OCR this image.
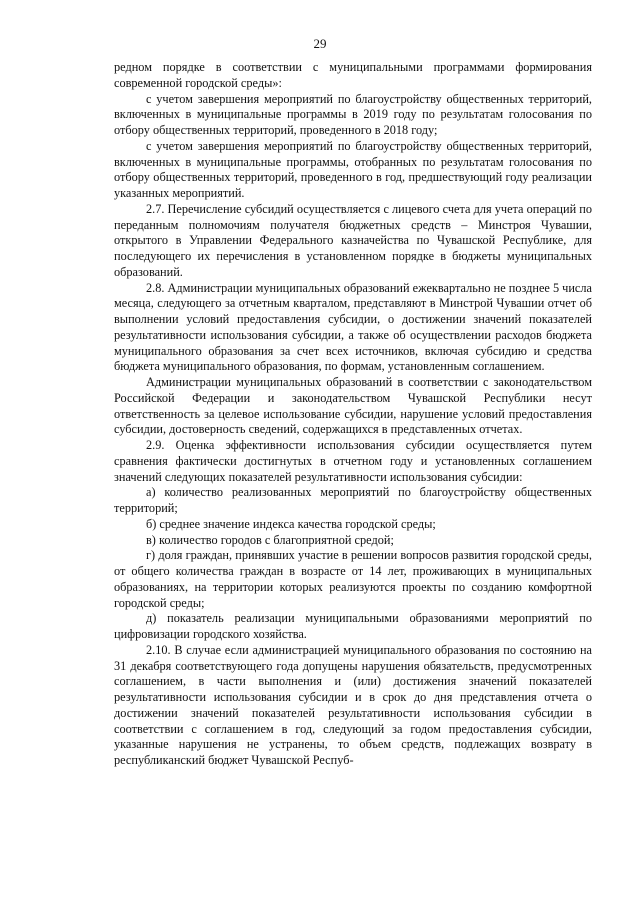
29

редном порядке в соответствии с муниципальными программами формирования современной городской среды»:

с учетом завершения мероприятий по благоустройству общественных территорий, включенных в муниципальные программы в 2019 году по результатам голосования по отбору общественных территорий, проведенного в 2018 году;

с учетом завершения мероприятий по благоустройству общественных территорий, включенных в муниципальные программы, отобранных по результатам голосования по отбору общественных территорий, проведенного в год, предшествующий году реализации указанных мероприятий.

2.7. Перечисление субсидий осуществляется с лицевого счета для учета операций по переданным полномочиям получателя бюджетных средств – Минстроя Чувашии, открытого в Управлении Федерального казначейства по Чувашской Республике, для последующего их перечисления в установленном порядке в бюджеты муниципальных образований.

2.8. Администрации муниципальных образований ежеквартально не позднее 5 числа месяца, следующего за отчетным кварталом, представляют в Минстрой Чувашии отчет об выполнении условий предоставления субсидии, о достижении значений показателей результативности использования субсидии, а также об осуществлении расходов бюджета муниципального образования за счет всех источников, включая субсидию и средства бюджета муниципального образования, по формам, установленным соглашением.

Администрации муниципальных образований в соответствии с законодательством Российской Федерации и законодательством Чувашской Республики несут ответственность за целевое использование субсидии, нарушение условий предоставления субсидии, достоверность сведений, содержащихся в представленных отчетах.

2.9. Оценка эффективности использования субсидии осуществляется путем сравнения фактически достигнутых в отчетном году и установленных соглашением значений следующих показателей результативности использования субсидии:

а) количество реализованных мероприятий по благоустройству общественных территорий;

б) среднее значение индекса качества городской среды;

в) количество городов с благоприятной средой;

г) доля граждан, принявших участие в решении вопросов развития городской среды, от общего количества граждан в возрасте от 14 лет, проживающих в муниципальных образованиях, на территории которых реализуются проекты по созданию комфортной городской среды;

д) показатель реализации муниципальными образованиями мероприятий по цифровизации городского хозяйства.

2.10. В случае если администрацией муниципального образования по состоянию на 31 декабря соответствующего года допущены нарушения обязательств, предусмотренных соглашением, в части выполнения и (или) достижения значений показателей результативности использования субсидии и в срок до дня представления отчета о достижении значений показателей результативности использования субсидии в соответствии с соглашением в год, следующий за годом предоставления субсидии, указанные нарушения не устранены, то объем средств, подлежащих возврату в республиканский бюджет Чувашской Респуб-
